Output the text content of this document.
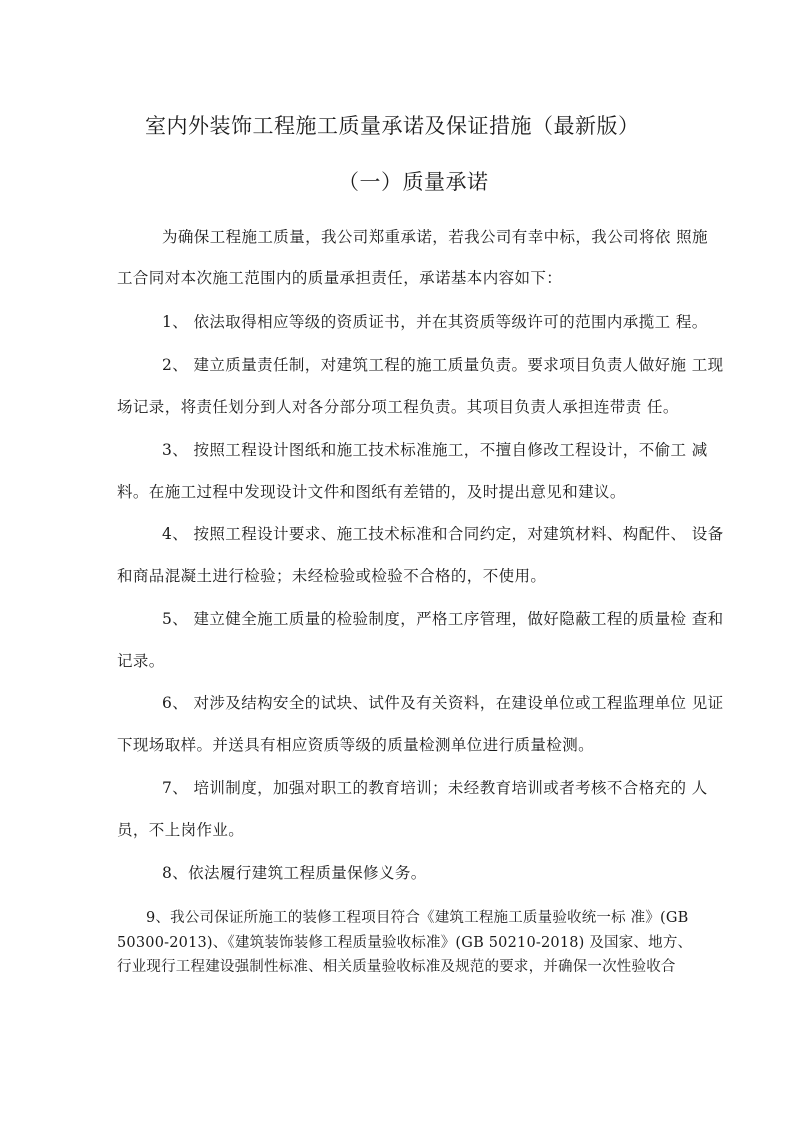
室内外装饰工程施工质量承诺及保证措施（最新版）
（一）质量承诺
为确保工程施工质量，我公司郑重承诺，若我公司有幸中标，我公司将依 照施
工合同对本次施工范围内的质量承担责任，承诺基本内容如下：
1、 依法取得相应等级的资质证书，并在其资质等级许可的范围内承揽工 程。
2、 建立质量责任制，对建筑工程的施工质量负责。要求项目负责人做好施 工现
场记录，将责任划分到人对各分部分项工程负责。其项目负责人承担连带责 任。
3、 按照工程设计图纸和施工技术标准施工，不擅自修改工程设计，不偷工 减
料。在施工过程中发现设计文件和图纸有差错的，及时提出意见和建议。
4、 按照工程设计要求、施工技术标准和合同约定，对建筑材料、构配件、 设备
和商品混凝土进行检验；未经检验或检验不合格的，不使用。
5、 建立健全施工质量的检验制度，严格工序管理，做好隐蔽工程的质量检 查和
记录。
6、 对涉及结构安全的试块、试件及有关资料，在建设单位或工程监理单位 见证
下现场取样。并送具有相应资质等级的质量检测单位进行质量检测。
7、 培训制度，加强对职工的教育培训；未经教育培训或者考核不合格充的 人
员，不上岗作业。
8、依法履行建筑工程质量保修义务。
9、我公司保证所施工的装修工程项目符合《建筑工程施工质量验收统一标 准》(GB
50300-2013)、《建筑装饰装修工程质量验收标准》(GB 50210-2018) 及国家、地方、
行业现行工程建设强制性标准、相关质量验收标准及规范的要求，并确保一次性验收合
